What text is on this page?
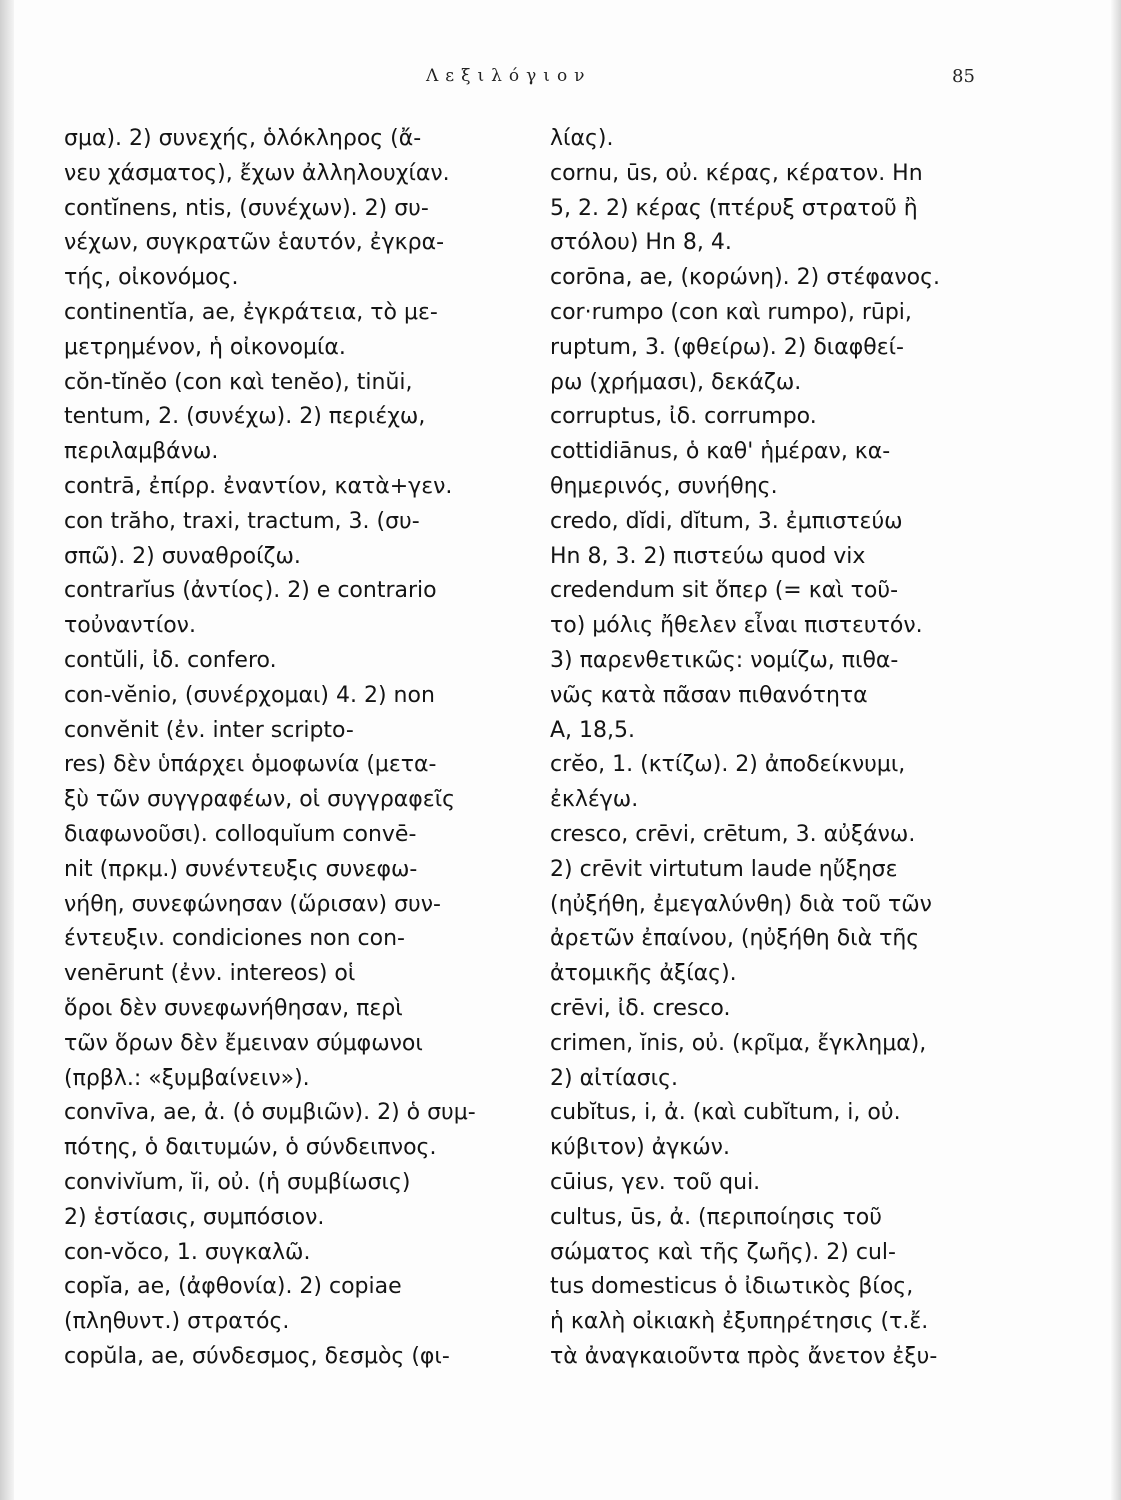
Λεξιλόγιον	85
σμα). 2) συνεχής, ὁλόκληρος (ἄ-
νευ χάσματος), ἔχων ἀλληλουχίαν.
contĭnens, ntis, (συνέχων). 2) συ-
νέχων, συγκρατῶν ἑαυτόν, ἐγκρα-
τής, οἰκονόμος.
continentĭa, ae, ἐγκράτεια, τὸ με-
μετρημένον, ἡ οἰκονομία.
cŏn-tĭnĕo (con καὶ tenĕo), tinŭi,
tentum, 2. (συνέχω). 2) περιέχω,
περιλαμβάνω.
contrā, ἐπίρρ. ἐναντίον, κατὰ+γεν.
con trăho, traxi, tractum, 3. (συ-
σπῶ). 2) συναθροίζω.
contrarĭus (ἀντίος). 2) e contrario
τοὐναντίον.
contŭli, ἰδ. confero.
con-vĕnio, (συνέρχομαι) 4. 2) non
convĕnit (ἐν. inter scripto-
res) δὲν ὑπάρχει ὁμοφωνία (μετα-
ξὺ τῶν συγγραφέων, οἱ συγγραφεῖς
διαφωνοῦσι). colloquĭum convē-
nit (πρκμ.) συνέντευξις συνεφω-
νήθη, συνεφώνησαν (ὥρισαν) συν-
έντευξιν. condiciones non con-
venērunt (ἐνν. intereos) οἱ
ὅροι δὲν συνεφωνήθησαν, περὶ
τῶν ὅρων δὲν ἔμειναν σύμφωνοι
(πρβλ.: «ξυμβαίνειν»).
convīva, ae, ἀ. (ὁ συμβιῶν). 2) ὁ συμ-
πότης, ὁ δαιτυμών, ὁ σύνδειπνος.
convivĭum, ĭi, οὐ. (ἡ συμβίωσις)
2) ἑστίασις, συμπόσιον.
con-vŏco, 1. συγκαλῶ.
copĭa, ae, (ἀφθονία). 2) copiae
(πληθυντ.) στρατός.
copŭla, ae, σύνδεσμος, δεσμὸς (φι-
λίας).
cornu, ūs, οὐ. κέρας, κέρατον. Hn
5, 2. 2) κέρας (πτέρυξ στρατοῦ ἢ
στόλου) Hn 8, 4.
corōna, ae, (κορώνη). 2) στέφανος.
cor·rumpo (con καὶ rumpo), rūpi,
ruptum, 3. (φθείρω). 2) διαφθεί-
ρω (χρήμασι), δεκάζω.
corruptus, ἰδ. corrumpo.
cottidiānus, ὁ καθ' ἡμέραν, κα-
θημερινός, συνήθης.
credo, dĭdi, dĭtum, 3. ἐμπιστεύω
Hn 8, 3. 2) πιστεύω quod vix
credendum sit ὅπερ (= καὶ τοῦ-
το) μόλις ἤθελεν εἶναι πιστευτόν.
3) παρενθετικῶς: νομίζω, πιθα-
νῶς κατὰ πᾶσαν πιθανότητα
A, 18,5.
crĕo, 1. (κτίζω). 2) ἀποδείκνυμι,
ἐκλέγω.
cresco, crēvi, crētum, 3. αὐξάνω.
2) crēvit virtutum laude ηὔξησε
(ηὐξήθη, ἐμεγαλύνθη) διὰ τοῦ τῶν
ἀρετῶν ἐπαίνου, (ηὐξήθη διὰ τῆς
ἀτομικῆς ἀξίας).
crēvi, ἰδ. cresco.
crimen, ĭnis, οὐ. (κρῖμα, ἔγκλημα),
2) αἰτίασις.
cubĭtus, i, ἀ. (καὶ cubĭtum, i, οὐ.
κύβιτον) ἀγκών.
cūius, γεν. τοῦ qui.
cultus, ūs, ἀ. (περιποίησις τοῦ
σώματος καὶ τῆς ζωῆς). 2) cul-
tus domesticus ὁ ἰδιωτικὸς βίος,
ἡ καλὴ οἰκιακὴ ἐξυπηρέτησις (τ.ἔ.
τὰ ἀναγκαιοῦντα πρὸς ἄνετον ἐξυ-
